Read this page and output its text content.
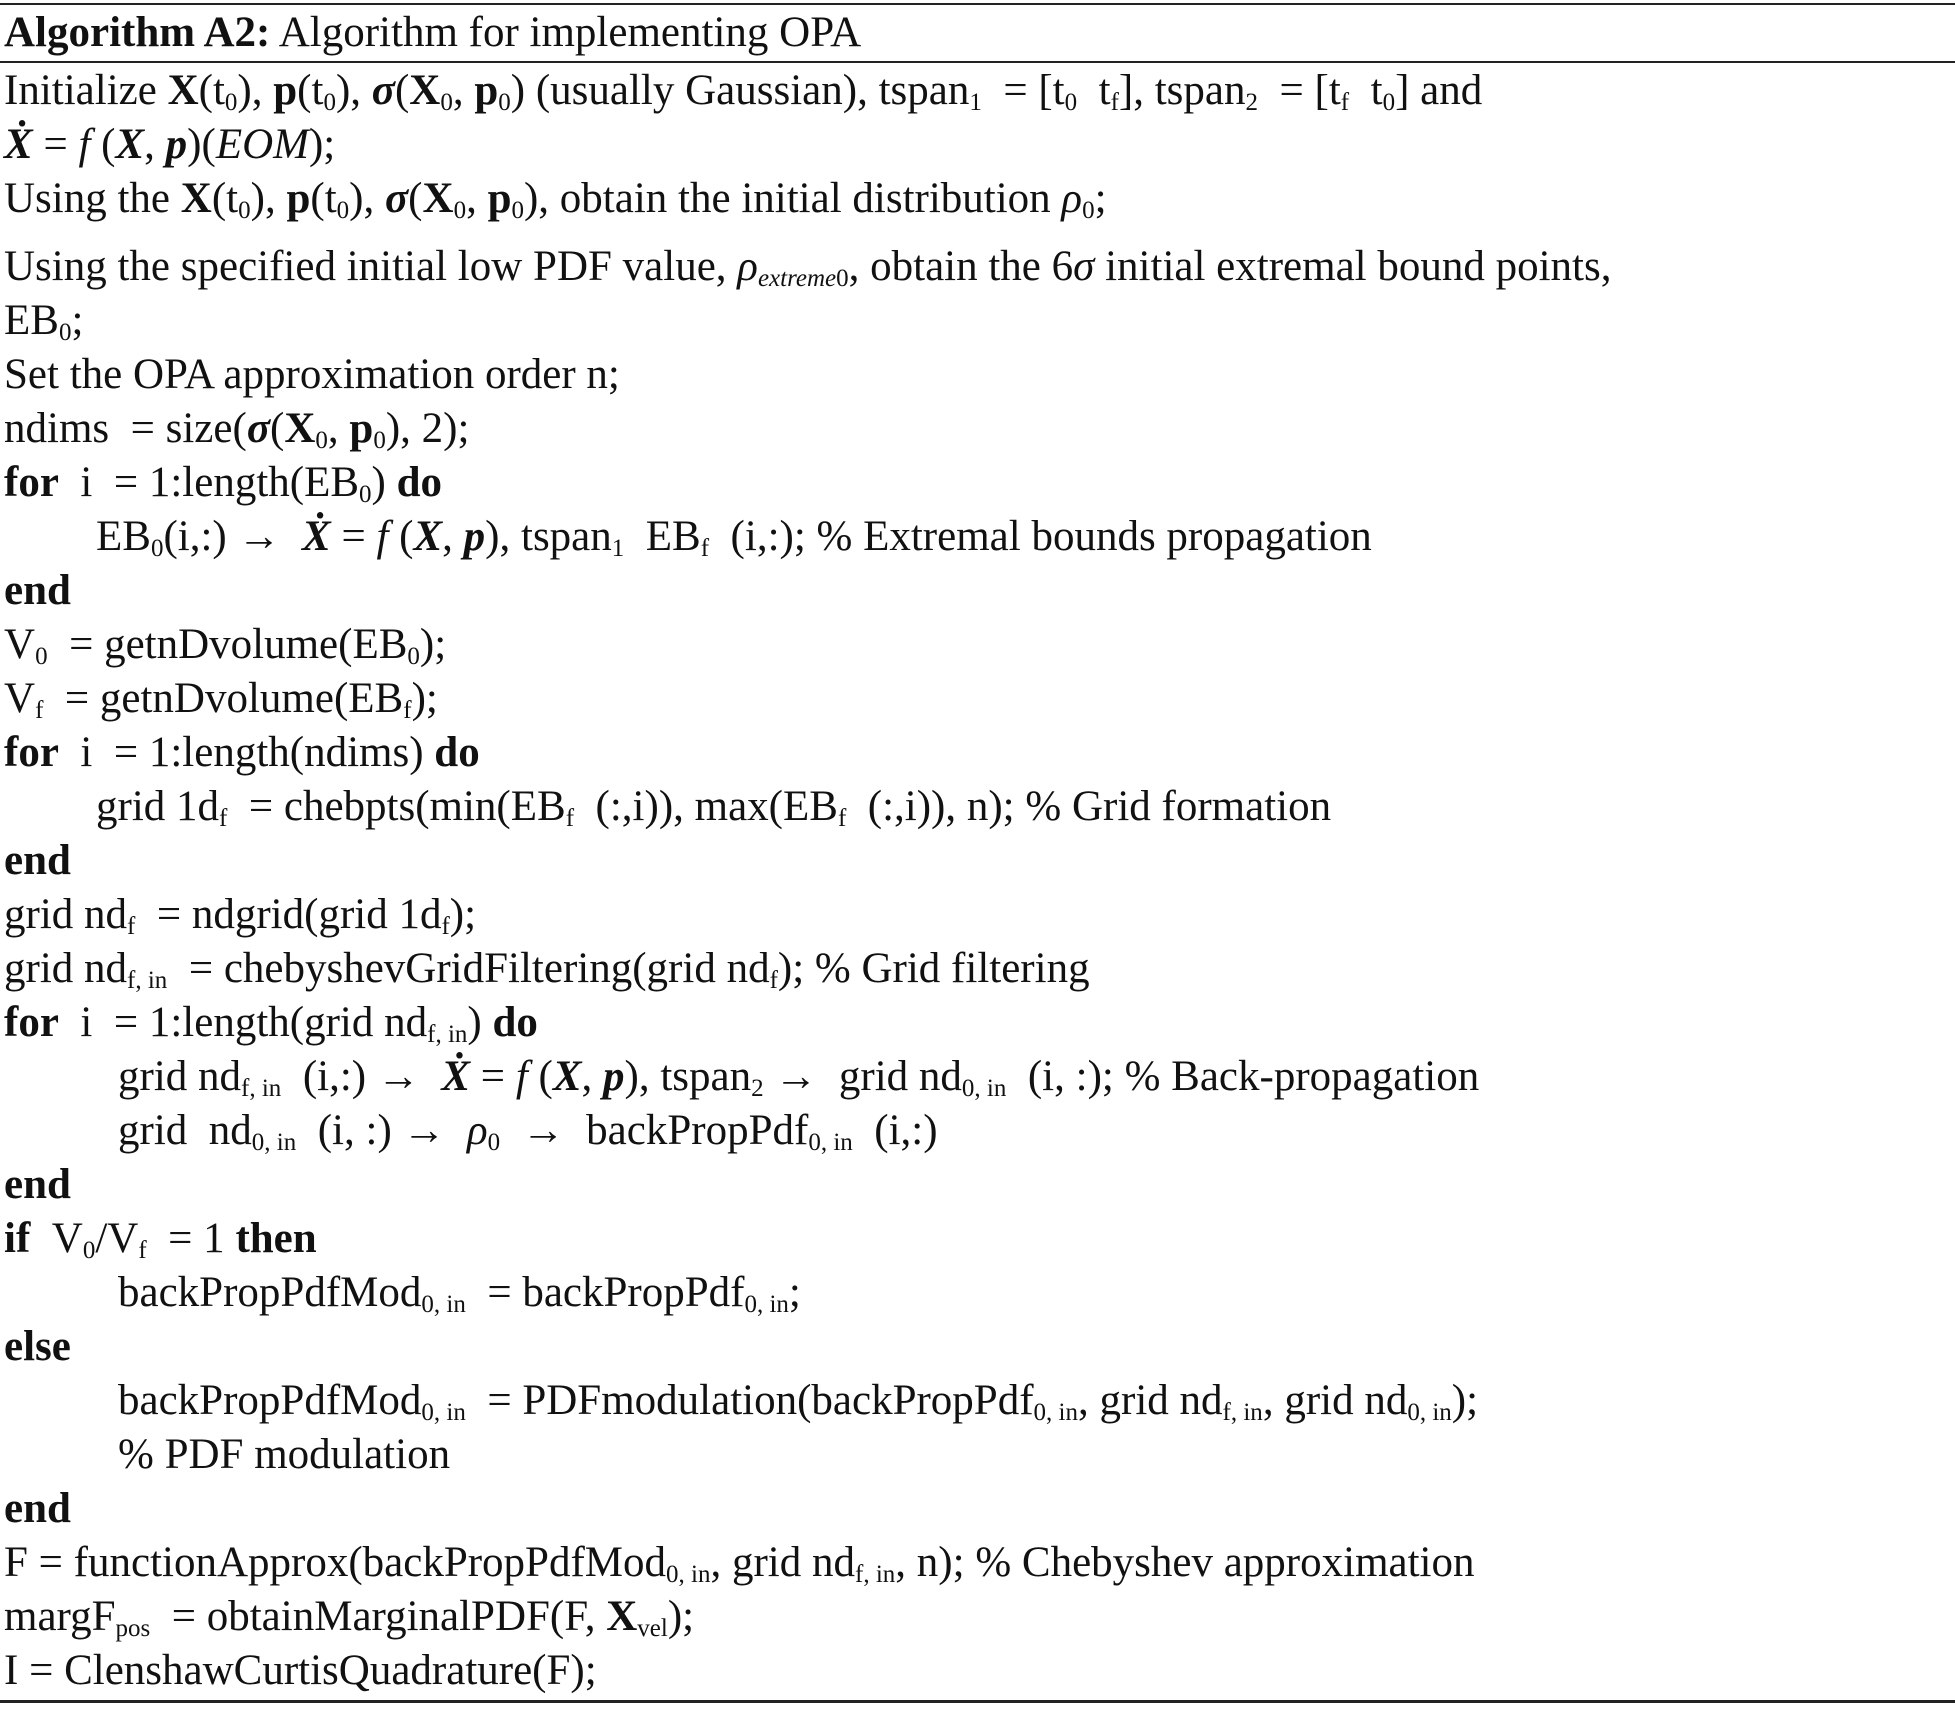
Algorithm A2: Algorithm for implementing OPA
Initialize $X(t_0)$, $p(t_0)$, $\sigma(X_0$, $p_0$) (usually Gaussian), tspan$_1$  = [$t_0$  $t_f$], tspan$_2$  = [$t_f$  $t_0$] and
Ẋ = f (X, p)(EOM);
Using the $X(t_0)$, $p(t_0)$, $\sigma(X_0$, $p_0$), obtain the initial distribution $\rho_0$;
Using the specified initial low PDF value, $\rho_{extreme0}$, obtain the 6σ initial extremal bound points,
$EB_0$;
Set the OPA approximation order n;
ndims  = $size(\sigma(X_0$, $p_0$), 2);
for  $i = 1:length(EB_0)$ do
$EB_0(i,:)$ →  Ẋ = f (X, p), tspan$_1$  $EB_f$  (i,:); % Extremal bounds propagation
end
$V_0$  = $getnDvolume(EB_0)$;
$V_f$  = $getnDvolume(EB_f)$;
for  i  = 1:length(ndims) do
grid $1d_f$  = $chebpts(\min(EB_f$  (:,i)), $\max(EB_f$  (:,i)), n); % Grid formation
end
grid $nd_f$  = ndgrid(grid $1d_f$);
grid $nd_{f, in}$  = chebyshevGridFiltering(grid $nd_f$); % Grid filtering
for  i  = 1:length(grid $nd_{f, in}$) do
grid $nd_{f, in}$  (i,:) →  Ẋ = f (X, p), tspan$_2$ →  grid $nd_{0, in}$  (i, :); % Back-propagation
grid  $nd_{0, in}$  (i, :) →  $\rho_0$  →  backPropPdf$_{0, in}$  (i,:)
end
if  $V_0/V_f = 1$ then
backPropPdfMod$_{0, in}$  = backPropPdf$_{0, in}$;
else
backPropPdfMod$_{0, in}$  = PDFmodulation(backPropPdf$_{0, in}$, grid $nd_{f, in}$, grid $nd_{0, in}$);
% PDF modulation
end
F = functionApprox(backPropPdfMod$_{0, in}$, grid $nd_{f, in}$, n); % Chebyshev approximation
margF$_{pos}$  = obtainMarginalPDF(F, $X_{vel}$);
I = ClenshawCurtisQuadrature(F);
